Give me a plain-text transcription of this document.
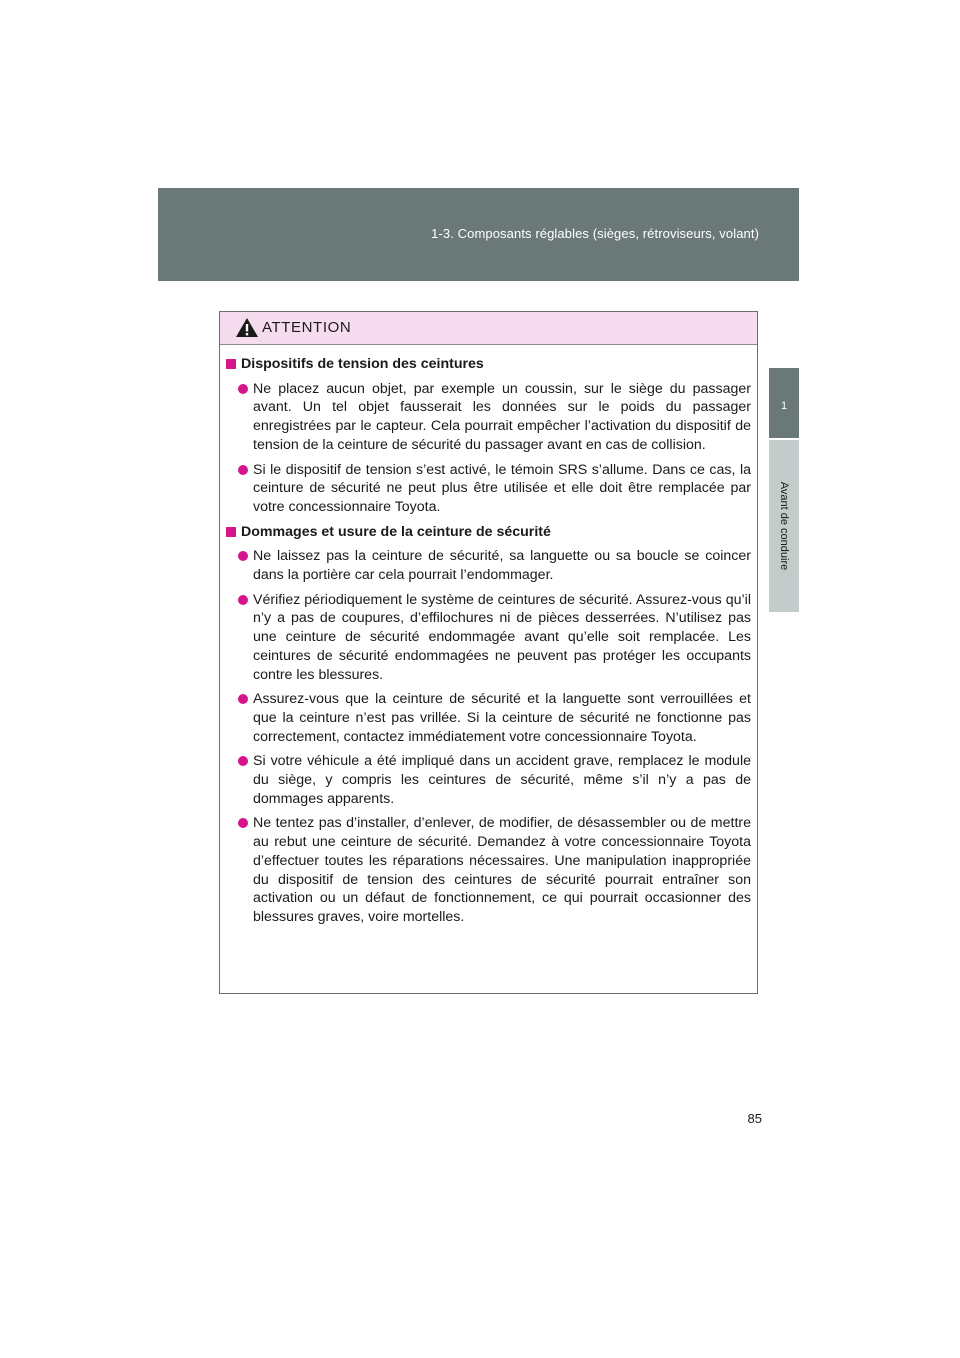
1-3. Composants réglables (sièges, rétroviseurs, volant)
1
Avant de conduire
ATTENTION
Dispositifs de tension des ceintures
Ne placez aucun objet, par exemple un coussin, sur le siège du passager avant. Un tel objet fausserait les données sur le poids du passager enregistrées par le capteur. Cela pourrait empêcher l’activation du dispositif de tension de la ceinture de sécurité du passager avant en cas de collision.
Si le dispositif de tension s’est activé, le témoin SRS s’allume. Dans ce cas, la ceinture de sécurité ne peut plus être utilisée et elle doit être remplacée par votre concessionnaire Toyota.
Dommages et usure de la ceinture de sécurité
Ne laissez pas la ceinture de sécurité, sa languette ou sa boucle se coincer dans la portière car cela pourrait l’endommager.
Vérifiez périodiquement le système de ceintures de sécurité. Assurez-vous qu’il n’y a pas de coupures, d’effilochures ni de pièces desserrées. N’utilisez pas une ceinture de sécurité endommagée avant qu’elle soit remplacée. Les ceintures de sécurité endommagées ne peuvent pas protéger les occupants contre les blessures.
Assurez-vous que la ceinture de sécurité et la languette sont verrouillées et que la ceinture n’est pas vrillée. Si la ceinture de sécurité ne fonctionne pas correctement, contactez immédiatement votre concessionnaire Toyota.
Si votre véhicule a été impliqué dans un accident grave, remplacez le module du siège, y compris les ceintures de sécurité, même s’il n’y a pas de dommages apparents.
Ne tentez pas d’installer, d’enlever, de modifier, de désassembler ou de mettre au rebut une ceinture de sécurité. Demandez à votre concessionnaire Toyota d’effectuer toutes les réparations nécessaires. Une manipulation inappropriée du dispositif de tension des ceintures de sécurité pourrait entraîner son activation ou un défaut de fonctionnement, ce qui pourrait occasionner des blessures graves, voire mortelles.
85
